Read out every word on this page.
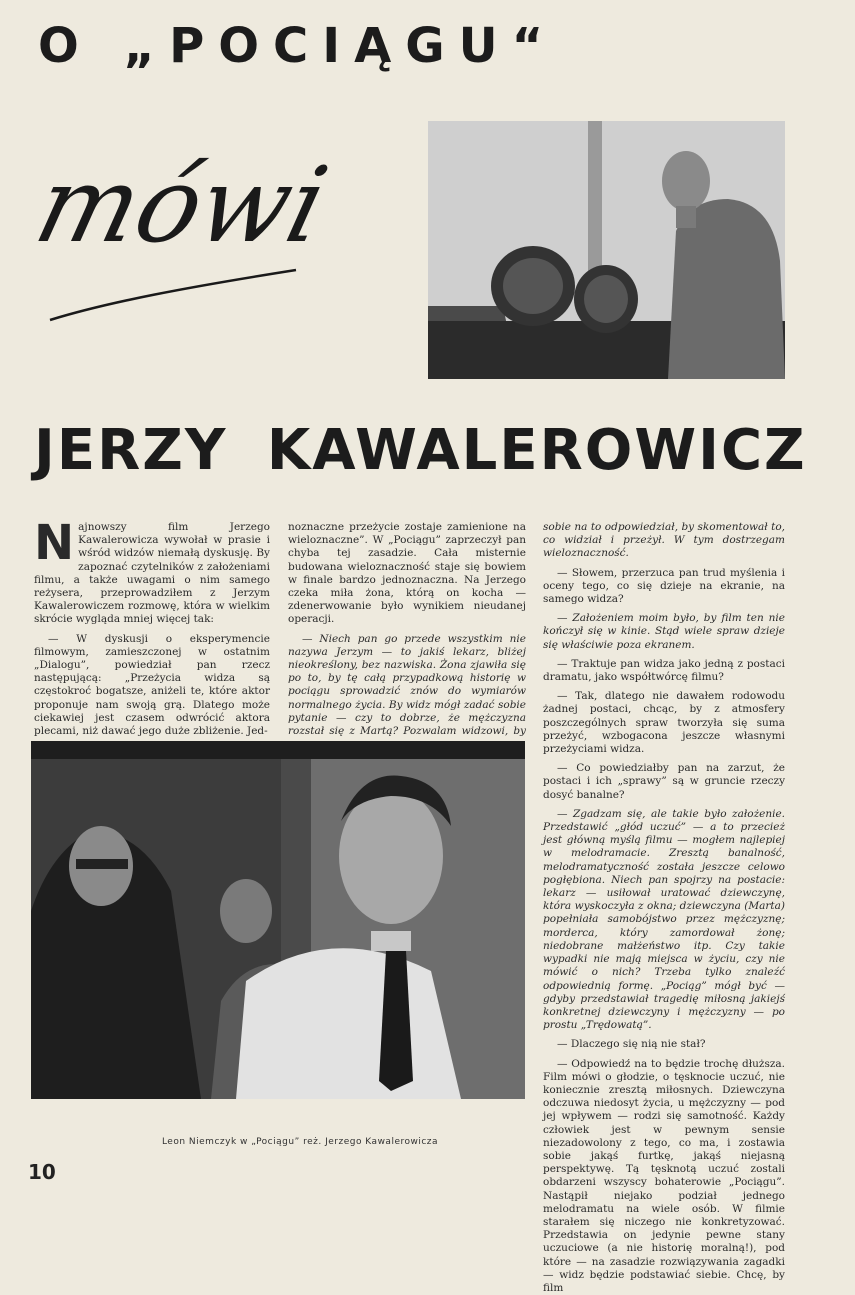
O „POCIĄGU“
mówi
JERZY KAWALEROWICZ

Najnowszy film Jerzego Kawalerowicza wywołał w prasie i wśród widzów niemałą dyskusję. By zapoznać czytelników z założeniami filmu, a także uwagami o nim samego reżysera, przeprowadziłem z Jerzym Kawalerowiczem rozmowę, która w wielkim skrócie wygląda mniej więcej tak:

— W dyskusji o eksperymencie filmowym, zamieszczonej w ostatnim „Dialogu”, powiedział pan rzecz następującą: „Przeżycia widza są częstokroć bogatsze, aniżeli te, które aktor proponuje nam swoją grą. Dlatego może ciekawiej jest czasem odwrócić aktora plecami, niż dawać jego duże zbliżenie. Jed-

noznaczne przeżycie zostaje zamienione na wieloznaczne”. W „Pociągu” zaprzeczył pan chyba tej zasadzie. Cała misternie budowana wieloznaczność staje się bowiem w finale bardzo jednoznaczna. Na Jerzego czeka miła żona, którą on kocha — zdenerwowanie było wynikiem nieudanej operacji.

— Niech pan go przede wszystkim nie nazywa Jerzym — to jakiś lekarz, bliżej nieokreślony, bez nazwiska. Żona zjawiła się po to, by tę całą przypadkową historię w pociągu sprowadzić znów do wymiarów normalnego życia. By widz mógł zadać sobie pytanie — czy to dobrze, że mężczyzna rozstał się z Martą? Pozwalam widzowi, by

sobie na to odpowiedział, by skomentował to, co widział i przeżył. W tym dostrzegam wieloznaczność.

— Słowem, przerzuca pan trud myślenia i oceny tego, co się dzieje na ekranie, na samego widza?

— Założeniem moim było, by film ten nie kończył się w kinie. Stąd wiele spraw dzieje się właściwie poza ekranem.

— Traktuje pan widza jako jedną z postaci dramatu, jako współtwórcę filmu?

— Tak, dlatego nie dawałem rodowodu żadnej postaci, chcąc, by z atmosfery poszczególnych spraw tworzyła się suma przeżyć, wzbogacona jeszcze własnymi przeżyciami widza.

— Co powiedziałby pan na zarzut, że postaci i ich „sprawy” są w gruncie rzeczy dosyć banalne?

— Zgadzam się, ale takie było założenie. Przedstawić „głód uczuć” — a to przecież jest główną myślą filmu — mogłem najlepiej w melodramacie. Zresztą banalność, melodramatyczność została jeszcze celowo pogłębiona. Niech pan spojrzy na postacie: lekarz — usiłował uratować dziewczynę, która wyskoczyła z okna; dziewczyna (Marta) popełniała samobójstwo przez mężczyznę; morderca, który zamordował żonę; niedobrane małżeństwo itp. Czy takie wypadki nie mają miejsca w życiu, czy nie mówić o nich? Trzeba tylko znaleźć odpowiednią formę. „Pociąg” mógł być — gdyby przedstawiał tragedię miłosną jakiejś konkretnej dziewczyny i mężczyzny — po prostu „Trędowatą”.

— Dlaczego się nią nie stał?

— Odpowiedź na to będzie trochę dłuższa. Film mówi o głodzie, o tęsknocie uczuć, nie koniecznie zresztą miłosnych. Dziewczyna odczuwa niedosyt życia, u mężczyzny — pod jej wpływem — rodzi się samotność. Każdy człowiek jest w pewnym sensie niezadowolony z tego, co ma, i zostawia sobie jakąś furtkę, jakąś niejasną perspektywę. Tą tęsknotą uczuć zostali obdarzeni wszyscy bohaterowie „Pociągu”. Nastąpił niejako podział jednego melodramatu na wiele osób. W filmie starałem się niczego nie konkretyzować. Przedstawia on jedynie pewne stany uczuciowe (a nie historię moralną!), pod które — na zasadzie rozwiązywania zagadki — widz będzie podstawiać siebie. Chcę, by film

Leon Niemczyk w „Pociągu” reż. Jerzego Kawalerowicza
10
